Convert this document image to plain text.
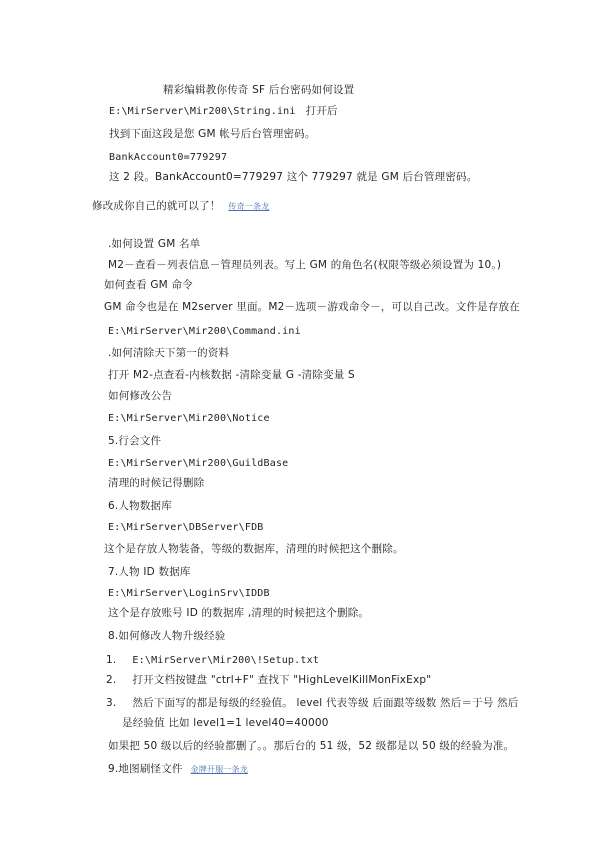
精彩编辑教你传奇 SF 后台密码如何设置
E:\MirServer\Mir200\String.ini 打开后
找到下面这段是您 GM 帐号后台管理密码。
BankAccount0=779297
这 2 段。BankAccount0=779297 这个 779297 就是 GM 后台管理密码。
修改成你自己的就可以了！ 传奇一条龙
.如何设置 GM 名单
M2－查看－列表信息－管理员列表。写上 GM 的角色名(权限等级必须设置为 10。)
如何查看 GM 命令
GM 命令也是在 M2server 里面。M2－选项－游戏命令－，可以自己改。文件是存放在
E:\MirServer\Mir200\Command.ini
.如何清除天下第一的资料
打开 M2-点查看-内核数据 -清除变量 G -清除变量 S
如何修改公告
E:\MirServer\Mir200\Notice
5.行会文件
E:\MirServer\Mir200\GuildBase
清理的时候记得删除
6.人物数据库
E:\MirServer\DBServer\FDB
这个是存放人物装备，等级的数据库，清理的时候把这个删除。
7.人物 ID 数据库
E:\MirServer\LoginSrv\IDDB
这个是存放账号 ID 的数据库 ,清理的时候把这个删除。
8.如何修改人物升级经验
1. E:\MirServer\Mir200\!Setup.txt
2. 打开文档按键盘 "ctrl+F" 查找下 "HighLevelKillMonFixExp"
3. 然后下面写的都是每级的经验值。 level 代表等级 后面跟等级数 然后＝于号 然后
是经验值 比如 level1=1 level40=40000
如果把 50 级以后的经验都删了。。那后台的 51 级，52 级都是以 50 级的经验为准。
9.地图刷怪文件 金牌开服一条龙
